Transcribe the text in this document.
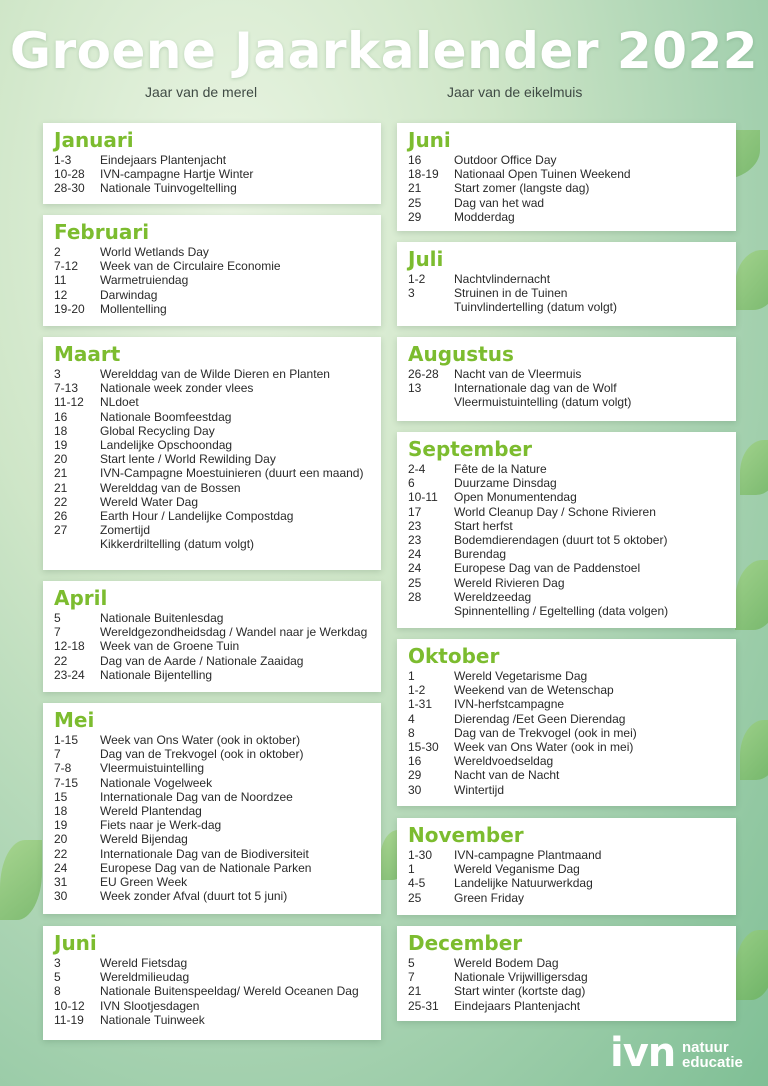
Groene Jaarkalender 2022
Jaar van de merel	Jaar van de eikelmuis
Januari
1-3	Eindejaars Plantenjacht
10-28	IVN-campagne Hartje Winter
28-30	Nationale Tuinvogeltelling
Februari
2	World Wetlands Day
7-12	Week van de Circulaire Economie
11	Warmetruiendag
12	Darwindag
19-20	Mollentelling
Maart
3	Werelddag van de Wilde Dieren en Planten
7-13	Nationale week zonder vlees
11-12	NLdoet
16	Nationale Boomfeestdag
18	Global Recycling Day
19	Landelijke Opschoondag
20	Start lente / World Rewilding Day
21	IVN-Campagne Moestuinieren (duurt een maand)
21	Werelddag van de Bossen
22	Wereld Water Dag
26	Earth Hour / Landelijke Compostdag
27	Zomertijd
Kikkerdriltelling (datum volgt)
April
5	Nationale Buitenlesdag
7	Wereldgezondheidsdag / Wandel naar je Werkdag
12-18	Week van de Groene Tuin
22	Dag van de Aarde / Nationale Zaaidag
23-24	Nationale Bijentelling
Mei
1-15	Week van Ons Water (ook in oktober)
7	Dag van de Trekvogel (ook in oktober)
7-8	Vleermuistuintelling
7-15	Nationale Vogelweek
15	Internationale Dag van de Noordzee
18	Wereld Plantendag
19	Fiets naar je Werk-dag
20	Wereld Bijendag
22	Internationale Dag van de Biodiversiteit
24	Europese Dag van de Nationale Parken
31	EU Green Week
30	Week zonder Afval (duurt tot 5 juni)
Juni
3	Wereld Fietsdag
5	Wereldmilieudag
8	Nationale Buitenspeeldag/ Wereld Oceanen Dag
10-12	IVN Slootjesdagen
11-19	Nationale Tuinweek
Juni
16	Outdoor Office Day
18-19	Nationaal Open Tuinen Weekend
21	Start zomer (langste dag)
25	Dag van het wad
29	Modderdag
Juli
1-2	Nachtvlindernacht
3	Struinen in de Tuinen
Tuinvlindertelling (datum volgt)
Augustus
26-28	Nacht van de Vleermuis
13	Internationale dag van de Wolf
Vleermuistuintelling (datum volgt)
September
2-4	Fête de la Nature
6	Duurzame Dinsdag
10-11	Open Monumentendag
17	World Cleanup Day / Schone Rivieren
23	Start herfst
23	Bodemdierendagen (duurt tot 5 oktober)
24	Burendag
24	Europese Dag van de Paddenstoel
25	Wereld Rivieren Dag
28	Wereldzeedag
Spinnentelling / Egeltelling (data volgen)
Oktober
1	Wereld Vegetarisme Dag
1-2	Weekend van de Wetenschap
1-31	IVN-herfstcampagne
4	Dierendag /Eet Geen Dierendag
8	Dag van de Trekvogel (ook in mei)
15-30	Week van Ons Water (ook in mei)
16	Wereldvoedseldag
29	Nacht van de Nacht
30	Wintertijd
November
1-30	IVN-campagne Plantmaand
1	Wereld Veganisme Dag
4-5	Landelijke Natuurwerkdag
25	Green Friday
December
5	Wereld Bodem Dag
7	Nationale Vrijwilligersdag
21	Start winter (kortste dag)
25-31	Eindejaars Plantenjacht
ivn natuur
educatie
